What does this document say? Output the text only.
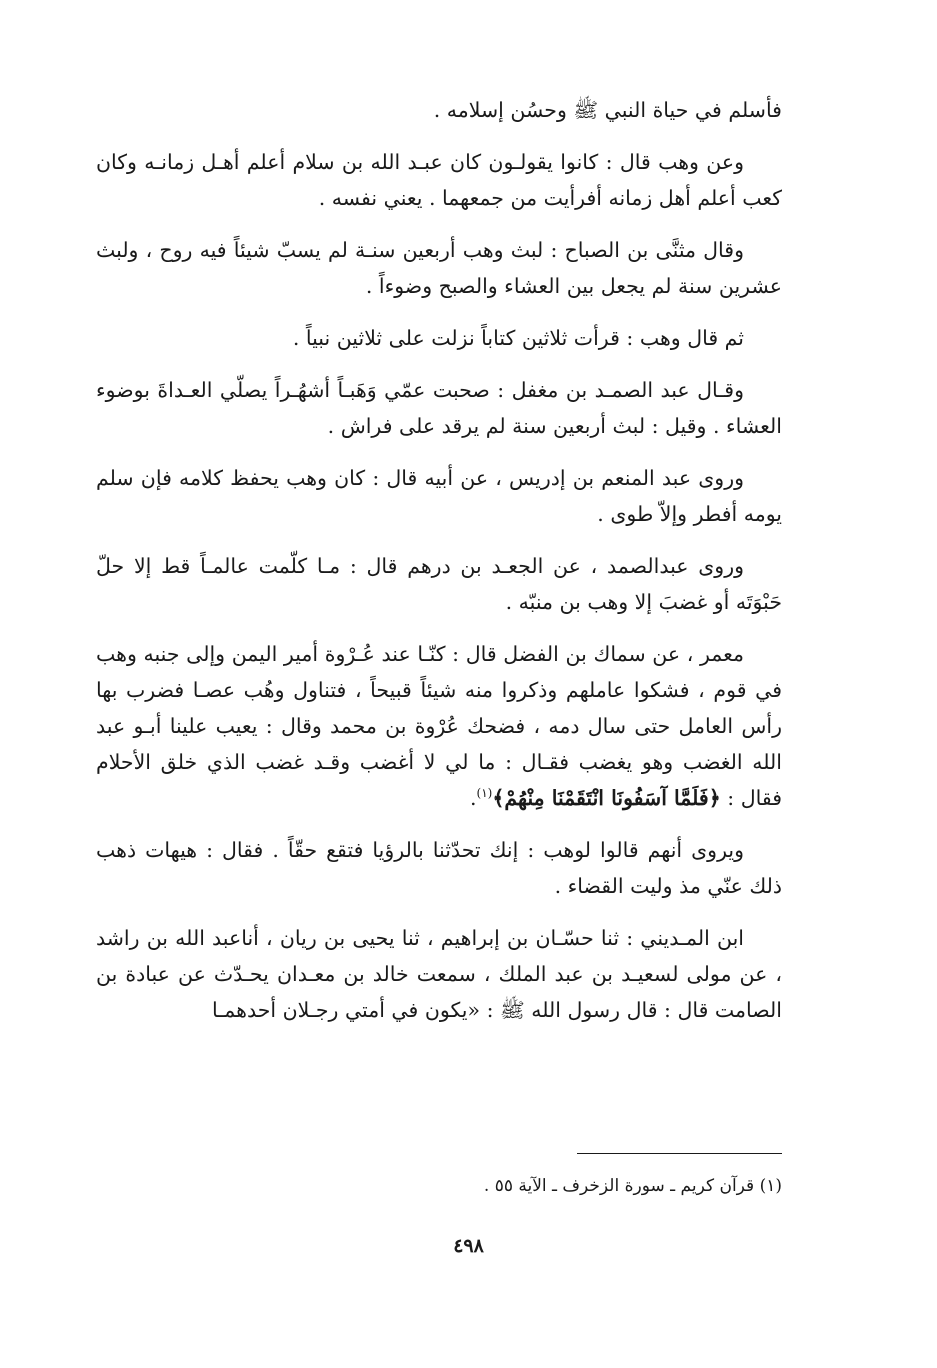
فأسلم في حياة النبي ﷺ وحسُن إسلامه .

وعن وهب قال : كانوا يقولـون كان عبـد الله بن سلام أعلم أهـل زمانـه وكان كعب أعلم أهل زمانه أفرأيت من جمعهما . يعني نفسه .

وقال مثنَّى بن الصباح : لبث وهب أربعين سنـة لم يسبّ شيئاً فيه روح ، ولبث عشرين سنة لم يجعل بين العشاء والصبح وضوءاً .

ثم قال وهب : قرأت ثلاثين كتاباً نزلت على ثلاثين نبياً .

وقـال عبد الصمـد بن مغفل : صحبت عمّي وَهَبـاً أشهُـراً يصلّي العـداةَ بوضوء العشاء . وقيل : لبث أربعين سنة لم يرقد على فراش .

وروى عبد المنعم بن إدريس ، عن أبيه قال : كان وهب يحفظ كلامه فإن سلم يومه أفطر وإلاّ طوى .

وروى عبدالصمد ، عن الجعـد بن درهم قال : مـا كلّمت عالمـاً قط إلا حلّ حَبْوَتَه أو غضبَ إلا وهب بن منبّه .

معمر ، عن سماك بن الفضل قال : كنّـا عند عُـرْوة أمير اليمن وإلى جنبه وهب في قوم ، فشكوا عاملهم وذكروا منه شيئاً قبيحاً ، فتناول وهُب عصـا فضرب بها رأس العامل حتى سال دمه ، فضحك عُرْوة بن محمد وقال : يعيب علينا أبـو عبد الله الغضب وهو يغضب فقـال : ما لي لا أغضب وقـد غضب الذي خلق الأحلام فقال : ﴿فَلَمَّا آسَفُونَا انْتَقَمْنَا مِنْهُمْ﴾$^{(١)}$.

ويروى أنهم قالوا لوهب : إنك تحدّثنا بالرؤيا فتقع حقّاً . فقال : هيهات ذهب ذلك عنّي مذ وليت القضاء .

ابن المـديني : ثنا حسّـان بن إبراهيم ، ثنا يحيى بن ريان ، أناعبد الله بن راشد ، عن مولى لسعيـد بن عبد الملك ، سمعت خالد بن معـدان يحـدّث عن عبادة بن الصامت قال : قال رسول الله ﷺ : «يكون في أمتي رجـلان أحدهمـا

(١) قرآن كريم ـ سورة الزخرف ـ الآية ٥٥ .
٤٩٨
